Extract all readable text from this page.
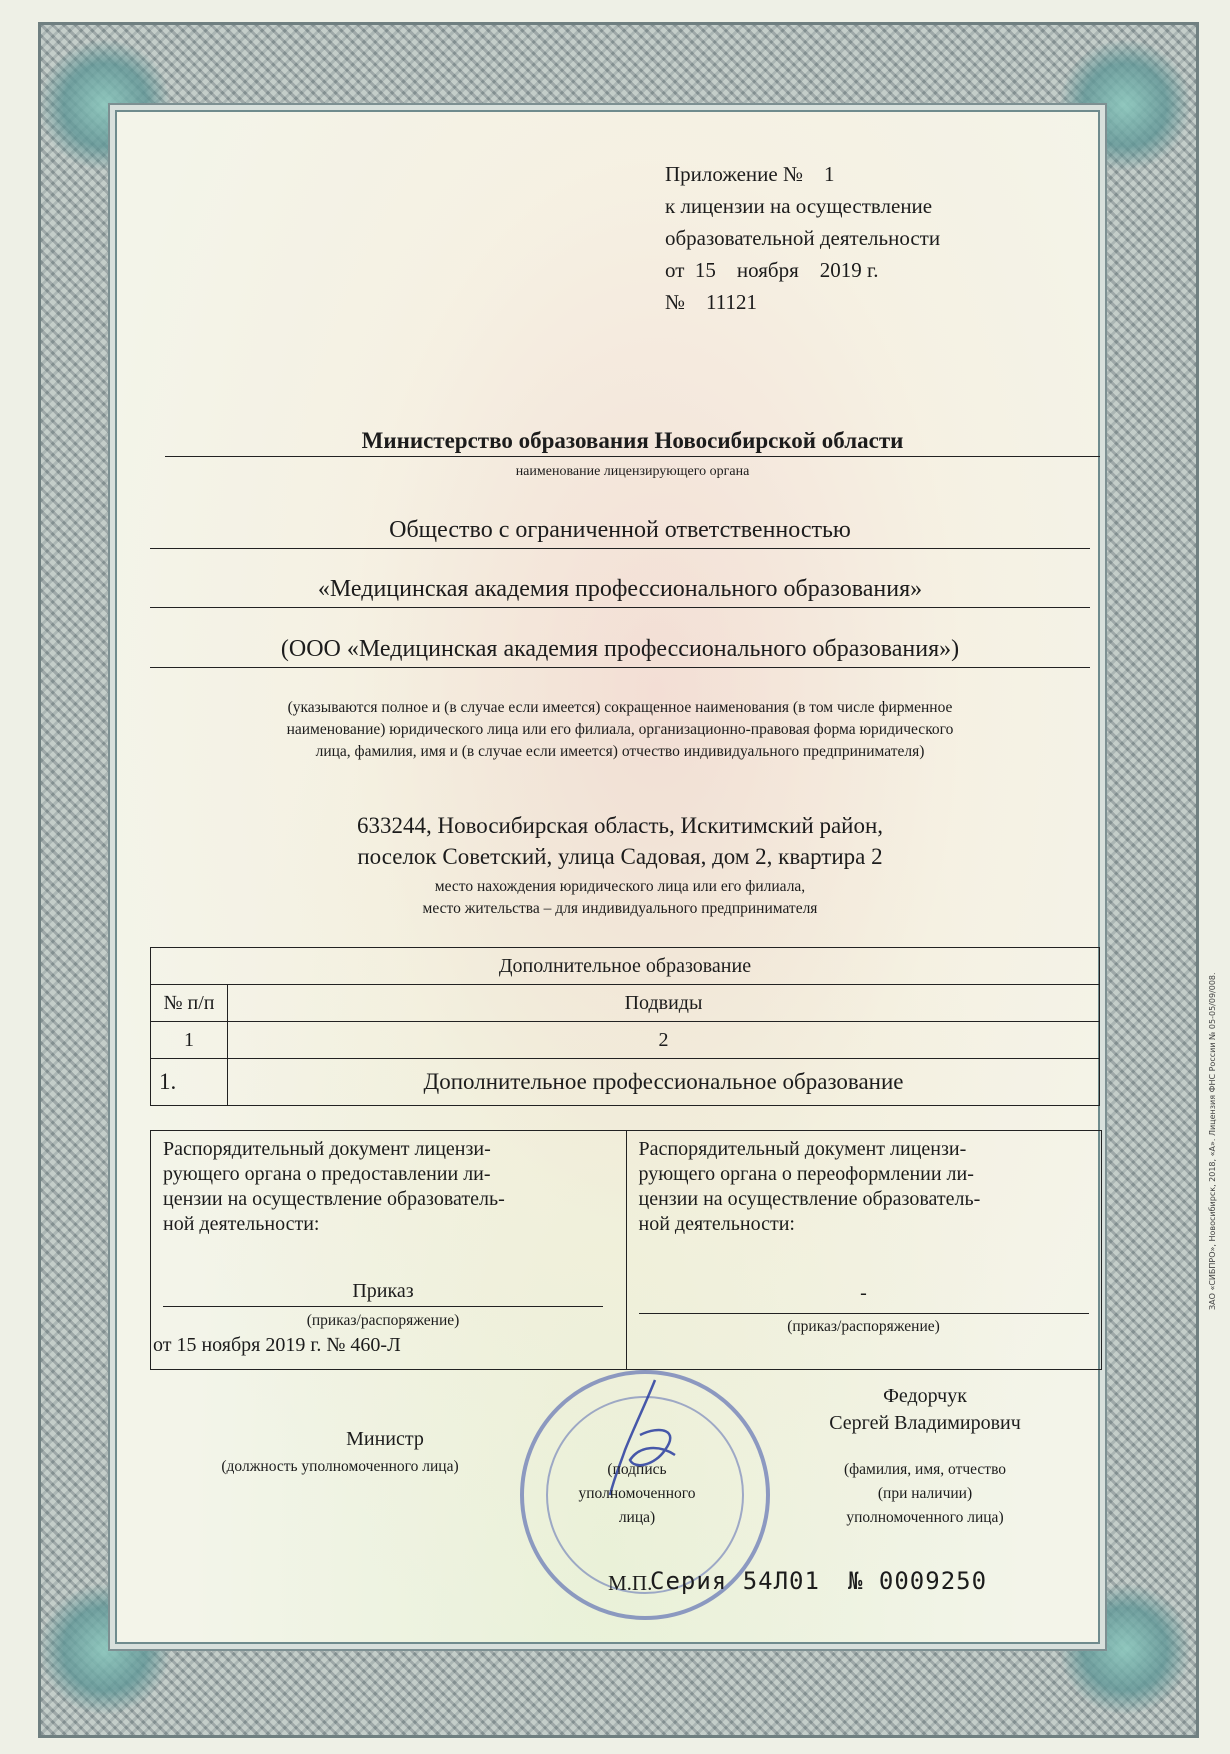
Приложение №    1
к лицензии на осуществление
образовательной деятельности
от  15    ноября    2019 г.
№    11121
Министерство образования Новосибирской области
наименование лицензирующего органа
Общество с ограниченной ответственностью
«Медицинская академия профессионального образования»
(ООО «Медицинская академия профессионального образования»)
(указываются полное и (в случае если имеется) сокращенное наименования (в том числе фирменное
наименование) юридического лица или его филиала, организационно-правовая форма юридического
лица, фамилия, имя и (в случае если имеется) отчество индивидуального предпринимателя)
633244, Новосибирская область, Искитимский район,
поселок Советский, улица Садовая, дом 2, квартира 2
место нахождения юридического лица или его филиала,
место жительства – для индивидуального предпринимателя
Дополнительное образование	
№ п/п	Подвиды
1	2
1.	Дополнительное профессиональное образование
Распорядительный документ лицензи-
рующего органа о предоставлении ли-
цензии на осуществление образователь-
ной деятельности:
Приказ
(приказ/распоряжение)
от 15 ноября 2019 г. № 460-Л
Распорядительный документ лицензи-
рующего органа о переоформлении ли-
цензии на осуществление образователь-
ной деятельности:
-
(приказ/распоряжение)
Министр
(должность уполномоченного лица)	(подпись
уполномоченного
лица)
Федорчук
Сергей Владимирович
(фамилия, имя, отчество
(при наличии)
уполномоченного лица)
М.П.
Серия 54Л01 № 0009250
ЗАО «СИБПРО», Новосибирск, 2018, «А». Лицензия ФНС России № 05-05/09/008.
